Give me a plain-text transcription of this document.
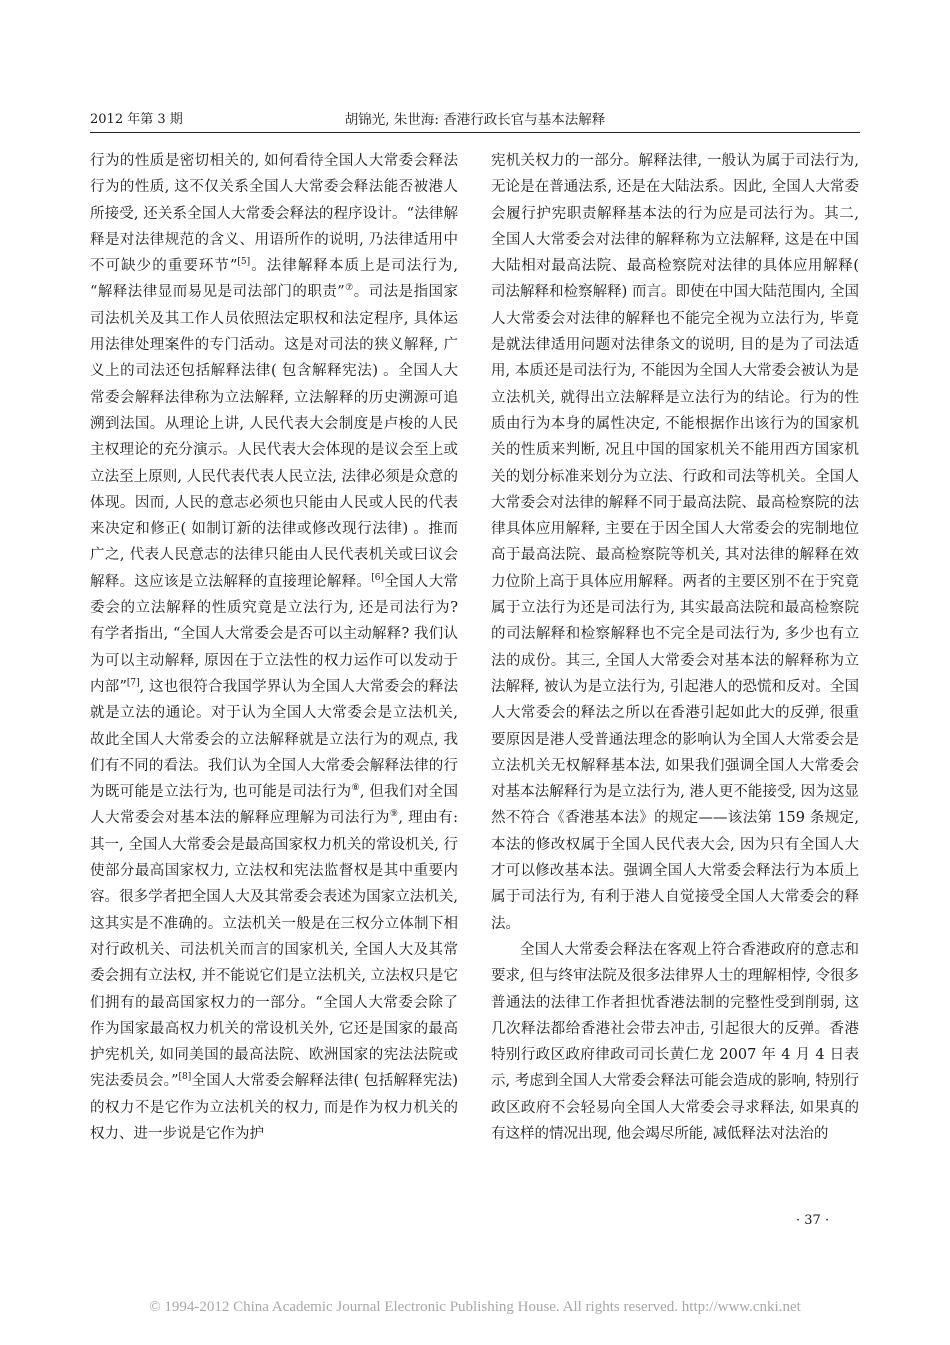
2012 年第 3 期	胡锦光, 朱世海: 香港行政长官与基本法解释

行为的性质是密切相关的, 如何看待全国人大常委会释法行为的性质, 这不仅关系全国人大常委会释法能否被港人所接受, 还关系全国人大常委会释法的程序设计。“法律解释是对法律规范的含义、用语所作的说明, 乃法律适用中不可缺少的重要环节”[5]。法律解释本质上是司法行为, “解释法律显而易见是司法部门的职责”⑦。司法是指国家司法机关及其工作人员依照法定职权和法定程序, 具体运用法律处理案件的专门活动。这是对司法的狭义解释, 广义上的司法还包括解释法律( 包含解释宪法) 。全国人大常委会解释法律称为立法解释, 立法解释的历史溯源可追溯到法国。从理论上讲, 人民代表大会制度是卢梭的人民主权理论的充分演示。人民代表大会体现的是议会至上或立法至上原则, 人民代表代表人民立法, 法律必须是众意的体现。因而, 人民的意志必须也只能由人民或人民的代表来决定和修正( 如制订新的法律或修改现行法律) 。推而广之, 代表人民意志的法律只能由人民代表机关或曰议会解释。这应该是立法解释的直接理论解释。[6]全国人大常委会的立法解释的性质究竟是立法行为, 还是司法行为? 有学者指出, “全国人大常委会是否可以主动解释? 我们认为可以主动解释, 原因在于立法性的权力运作可以发动于内部”[7], 这也很符合我国学界认为全国人大常委会的释法就是立法的通论。对于认为全国人大常委会是立法机关, 故此全国人大常委会的立法解释就是立法行为的观点, 我们有不同的看法。我们认为全国人大常委会解释法律的行为既可能是立法行为, 也可能是司法行为⑧, 但我们对全国人大常委会对基本法的解释应理解为司法行为⑨, 理由有: 其一, 全国人大常委会是最高国家权力机关的常设机关, 行使部分最高国家权力, 立法权和宪法监督权是其中重要内容。很多学者把全国人大及其常委会表述为国家立法机关, 这其实是不准确的。立法机关一般是在三权分立体制下相对行政机关、司法机关而言的国家机关, 全国人大及其常委会拥有立法权, 并不能说它们是立法机关, 立法权只是它们拥有的最高国家权力的一部分。“全国人大常委会除了作为国家最高权力机关的常设机关外, 它还是国家的最高护宪机关, 如同美国的最高法院、欧洲国家的宪法法院或宪法委员会。”[8]全国人大常委会解释法律( 包括解释宪法) 的权力不是它作为立法机关的权力, 而是作为权力机关的权力、进一步说是它作为护

宪机关权力的一部分。解释法律, 一般认为属于司法行为, 无论是在普通法系, 还是在大陆法系。因此, 全国人大常委会履行护宪职责解释基本法的行为应是司法行为。其二, 全国人大常委会对法律的解释称为立法解释, 这是在中国大陆相对最高法院、最高检察院对法律的具体应用解释( 司法解释和检察解释) 而言。即使在中国大陆范围内, 全国人大常委会对法律的解释也不能完全视为立法行为, 毕竟是就法律适用问题对法律条文的说明, 目的是为了司法适用, 本质还是司法行为, 不能因为全国人大常委会被认为是立法机关, 就得出立法解释是立法行为的结论。行为的性质由行为本身的属性决定, 不能根据作出该行为的国家机关的性质来判断, 况且中国的国家机关不能用西方国家机关的划分标准来划分为立法、行政和司法等机关。全国人大常委会对法律的解释不同于最高法院、最高检察院的法律具体应用解释, 主要在于因全国人大常委会的宪制地位高于最高法院、最高检察院等机关, 其对法律的解释在效力位阶上高于具体应用解释。两者的主要区别不在于究竟属于立法行为还是司法行为, 其实最高法院和最高检察院的司法解释和检察解释也不完全是司法行为, 多少也有立法的成份。其三, 全国人大常委会对基本法的解释称为立法解释, 被认为是立法行为, 引起港人的恐慌和反对。全国人大常委会的释法之所以在香港引起如此大的反弹, 很重要原因是港人受普通法理念的影响认为全国人大常委会是立法机关无权解释基本法, 如果我们强调全国人大常委会对基本法解释行为是立法行为, 港人更不能接受, 因为这显然不符合《香港基本法》的规定——该法第 159 条规定, 本法的修改权属于全国人民代表大会, 因为只有全国人大才可以修改基本法。强调全国人大常委会释法行为本质上属于司法行为, 有利于港人自觉接受全国人大常委会的释法。

全国人大常委会释法在客观上符合香港政府的意志和要求, 但与终审法院及很多法律界人士的理解相悖, 令很多普通法的法律工作者担忧香港法制的完整性受到削弱, 这几次释法都给香港社会带去冲击, 引起很大的反弹。香港特别行政区政府律政司司长黄仁龙 2007 年 4 月 4 日表示, 考虑到全国人大常委会释法可能会造成的影响, 特别行政区政府不会轻易向全国人大常委会寻求释法, 如果真的有这样的情况出现, 他会竭尽所能, 减低释法对法治的

· 37 ·
© 1994-2012 China Academic Journal Electronic Publishing House. All rights reserved. http://www.cnki.net
